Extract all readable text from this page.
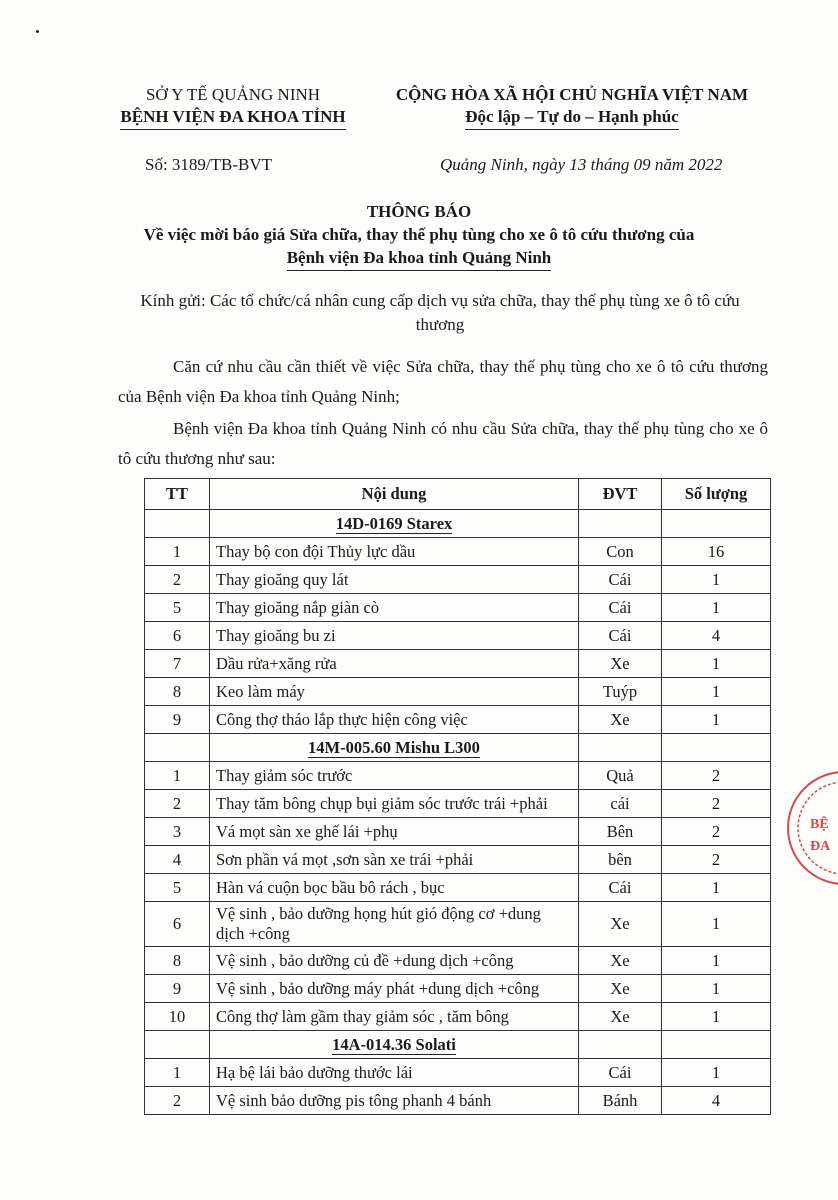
SỞ Y TẾ QUẢNG NINH
BỆNH VIỆN ĐA KHOA TỈNH
CỘNG HÒA XÃ HỘI CHỦ NGHĨA VIỆT NAM
Độc lập – Tự do – Hạnh phúc
Số: 3189/TB-BVT	Quảng Ninh, ngày 13 tháng 09 năm 2022
THÔNG BÁO
Về việc mời báo giá Sửa chữa, thay thế phụ tùng cho xe ô tô cứu thương của
Bệnh viện Đa khoa tỉnh Quảng Ninh
Kính gửi: Các tổ chức/cá nhân cung cấp dịch vụ sửa chữa, thay thế phụ tùng xe ô tô cứu thương
Căn cứ nhu cầu cần thiết về việc Sửa chữa, thay thế phụ tùng cho xe ô tô cứu thương của Bệnh viện Đa khoa tỉnh Quảng Ninh;
Bệnh viện Đa khoa tỉnh Quảng Ninh có nhu cầu Sửa chữa, thay thế phụ tùng cho xe ô tô cứu thương như sau:
TT	Nội dung	ĐVT	Số lượng
	14D-0169 Starex		
1	Thay bộ con đội Thủy lực dầu	Con	16
2	Thay gioăng quy lát	Cái	1
5	Thay gioăng nắp giàn cò	Cái	1
6	Thay gioăng bu zi	Cái	4
7	Dầu rửa+xăng rửa	Xe	1
8	Keo làm máy	Tuýp	1
9	Công thợ tháo lắp thực hiện công việc	Xe	1
	14M-005.60 Mishu L300		
1	Thay giảm sóc trước	Quả	2
2	Thay tăm bông chụp bụi giảm sóc trước trái +phải	cái	2
3	Vá mọt sàn xe ghế lái +phụ	Bên	2
4	Sơn phần vá mọt ,sơn sàn xe trái +phải	bên	2
5	Hàn vá cuộn bọc bầu bô rách , bục	Cái	1
6	Vệ sinh , bảo dưỡng họng hút gió động cơ +dung dịch +công	Xe	1
8	Vệ sinh , bảo dưỡng củ đề +dung dịch +công	Xe	1
9	Vệ sinh , bảo dưỡng máy phát +dung dịch +công	Xe	1
10	Công thợ làm gầm thay giảm sóc , tăm bông	Xe	1
	14A-014.36 Solati		
1	Hạ bệ lái bảo dưỡng thước lái	Cái	1
2	Vệ sinh bảo dưỡng pis tông phanh 4 bánh	Bánh	4
BỆ
ĐA
